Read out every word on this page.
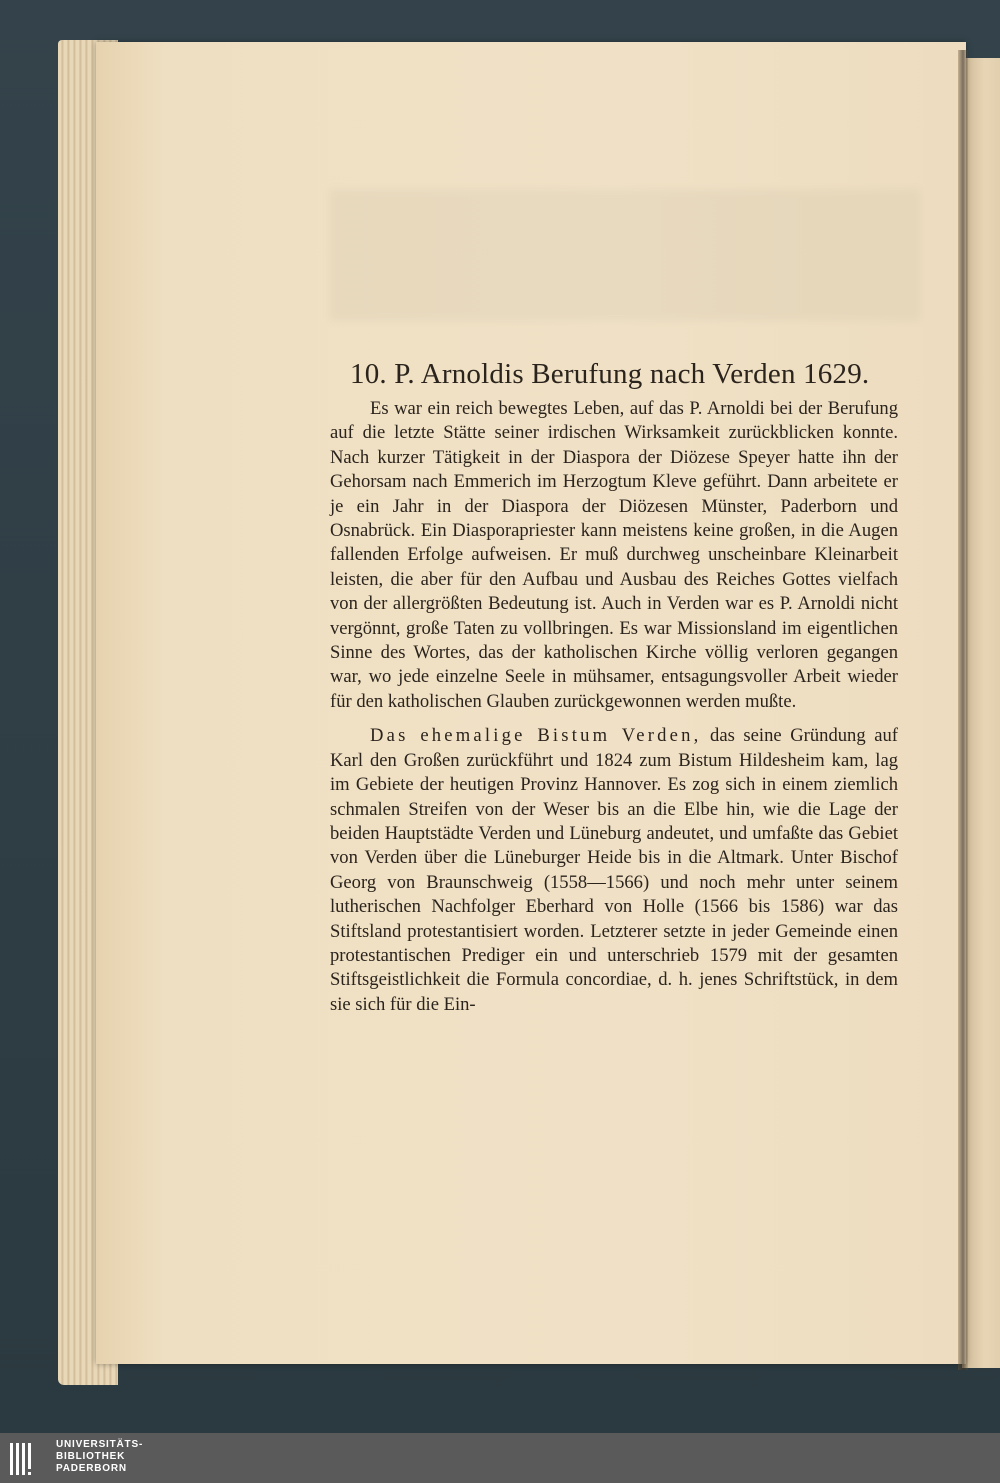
10. P. Arnoldis Berufung nach Verden 1629.

Es war ein reich bewegtes Leben, auf das P. Arnoldi bei der Berufung auf die letzte Stätte seiner irdischen Wirksamkeit zurückblicken konnte. Nach kurzer Tätigkeit in der Diaspora der Diözese Speyer hatte ihn der Gehorsam nach Emmerich im Herzogtum Kleve geführt. Dann arbeitete er je ein Jahr in der Diaspora der Diözesen Münster, Paderborn und Osnabrück. Ein Diasporapriester kann meistens keine großen, in die Augen fallenden Erfolge aufweisen. Er muß durchweg unscheinbare Kleinarbeit leisten, die aber für den Aufbau und Ausbau des Reiches Gottes vielfach von der allergrößten Bedeutung ist. Auch in Verden war es P. Arnoldi nicht vergönnt, große Taten zu vollbringen. Es war Missionsland im eigentlichen Sinne des Wortes, das der katholischen Kirche völlig verloren gegangen war, wo jede einzelne Seele in mühsamer, entsagungsvoller Arbeit wieder für den katholischen Glauben zurückgewonnen werden mußte.

Das ehemalige Bistum Verden, das seine Gründung auf Karl den Großen zurückführt und 1824 zum Bistum Hildesheim kam, lag im Gebiete der heutigen Provinz Hannover. Es zog sich in einem ziemlich schmalen Streifen von der Weser bis an die Elbe hin, wie die Lage der beiden Hauptstädte Verden und Lüneburg andeutet, und umfaßte das Gebiet von Verden über die Lüneburger Heide bis in die Altmark. Unter Bischof Georg von Braunschweig (1558—1566) und noch mehr unter seinem lutherischen Nachfolger Eberhard von Holle (1566 bis 1586) war das Stiftsland protestantisiert worden. Letzterer setzte in jeder Gemeinde einen protestantischen Prediger ein und unterschrieb 1579 mit der gesamten Stiftsgeistlichkeit die Formula concordiae, d. h. jenes Schriftstück, in dem sie sich für die Ein-

UNIVERSITÄTS-
BIBLIOTHEK
PADERBORN
